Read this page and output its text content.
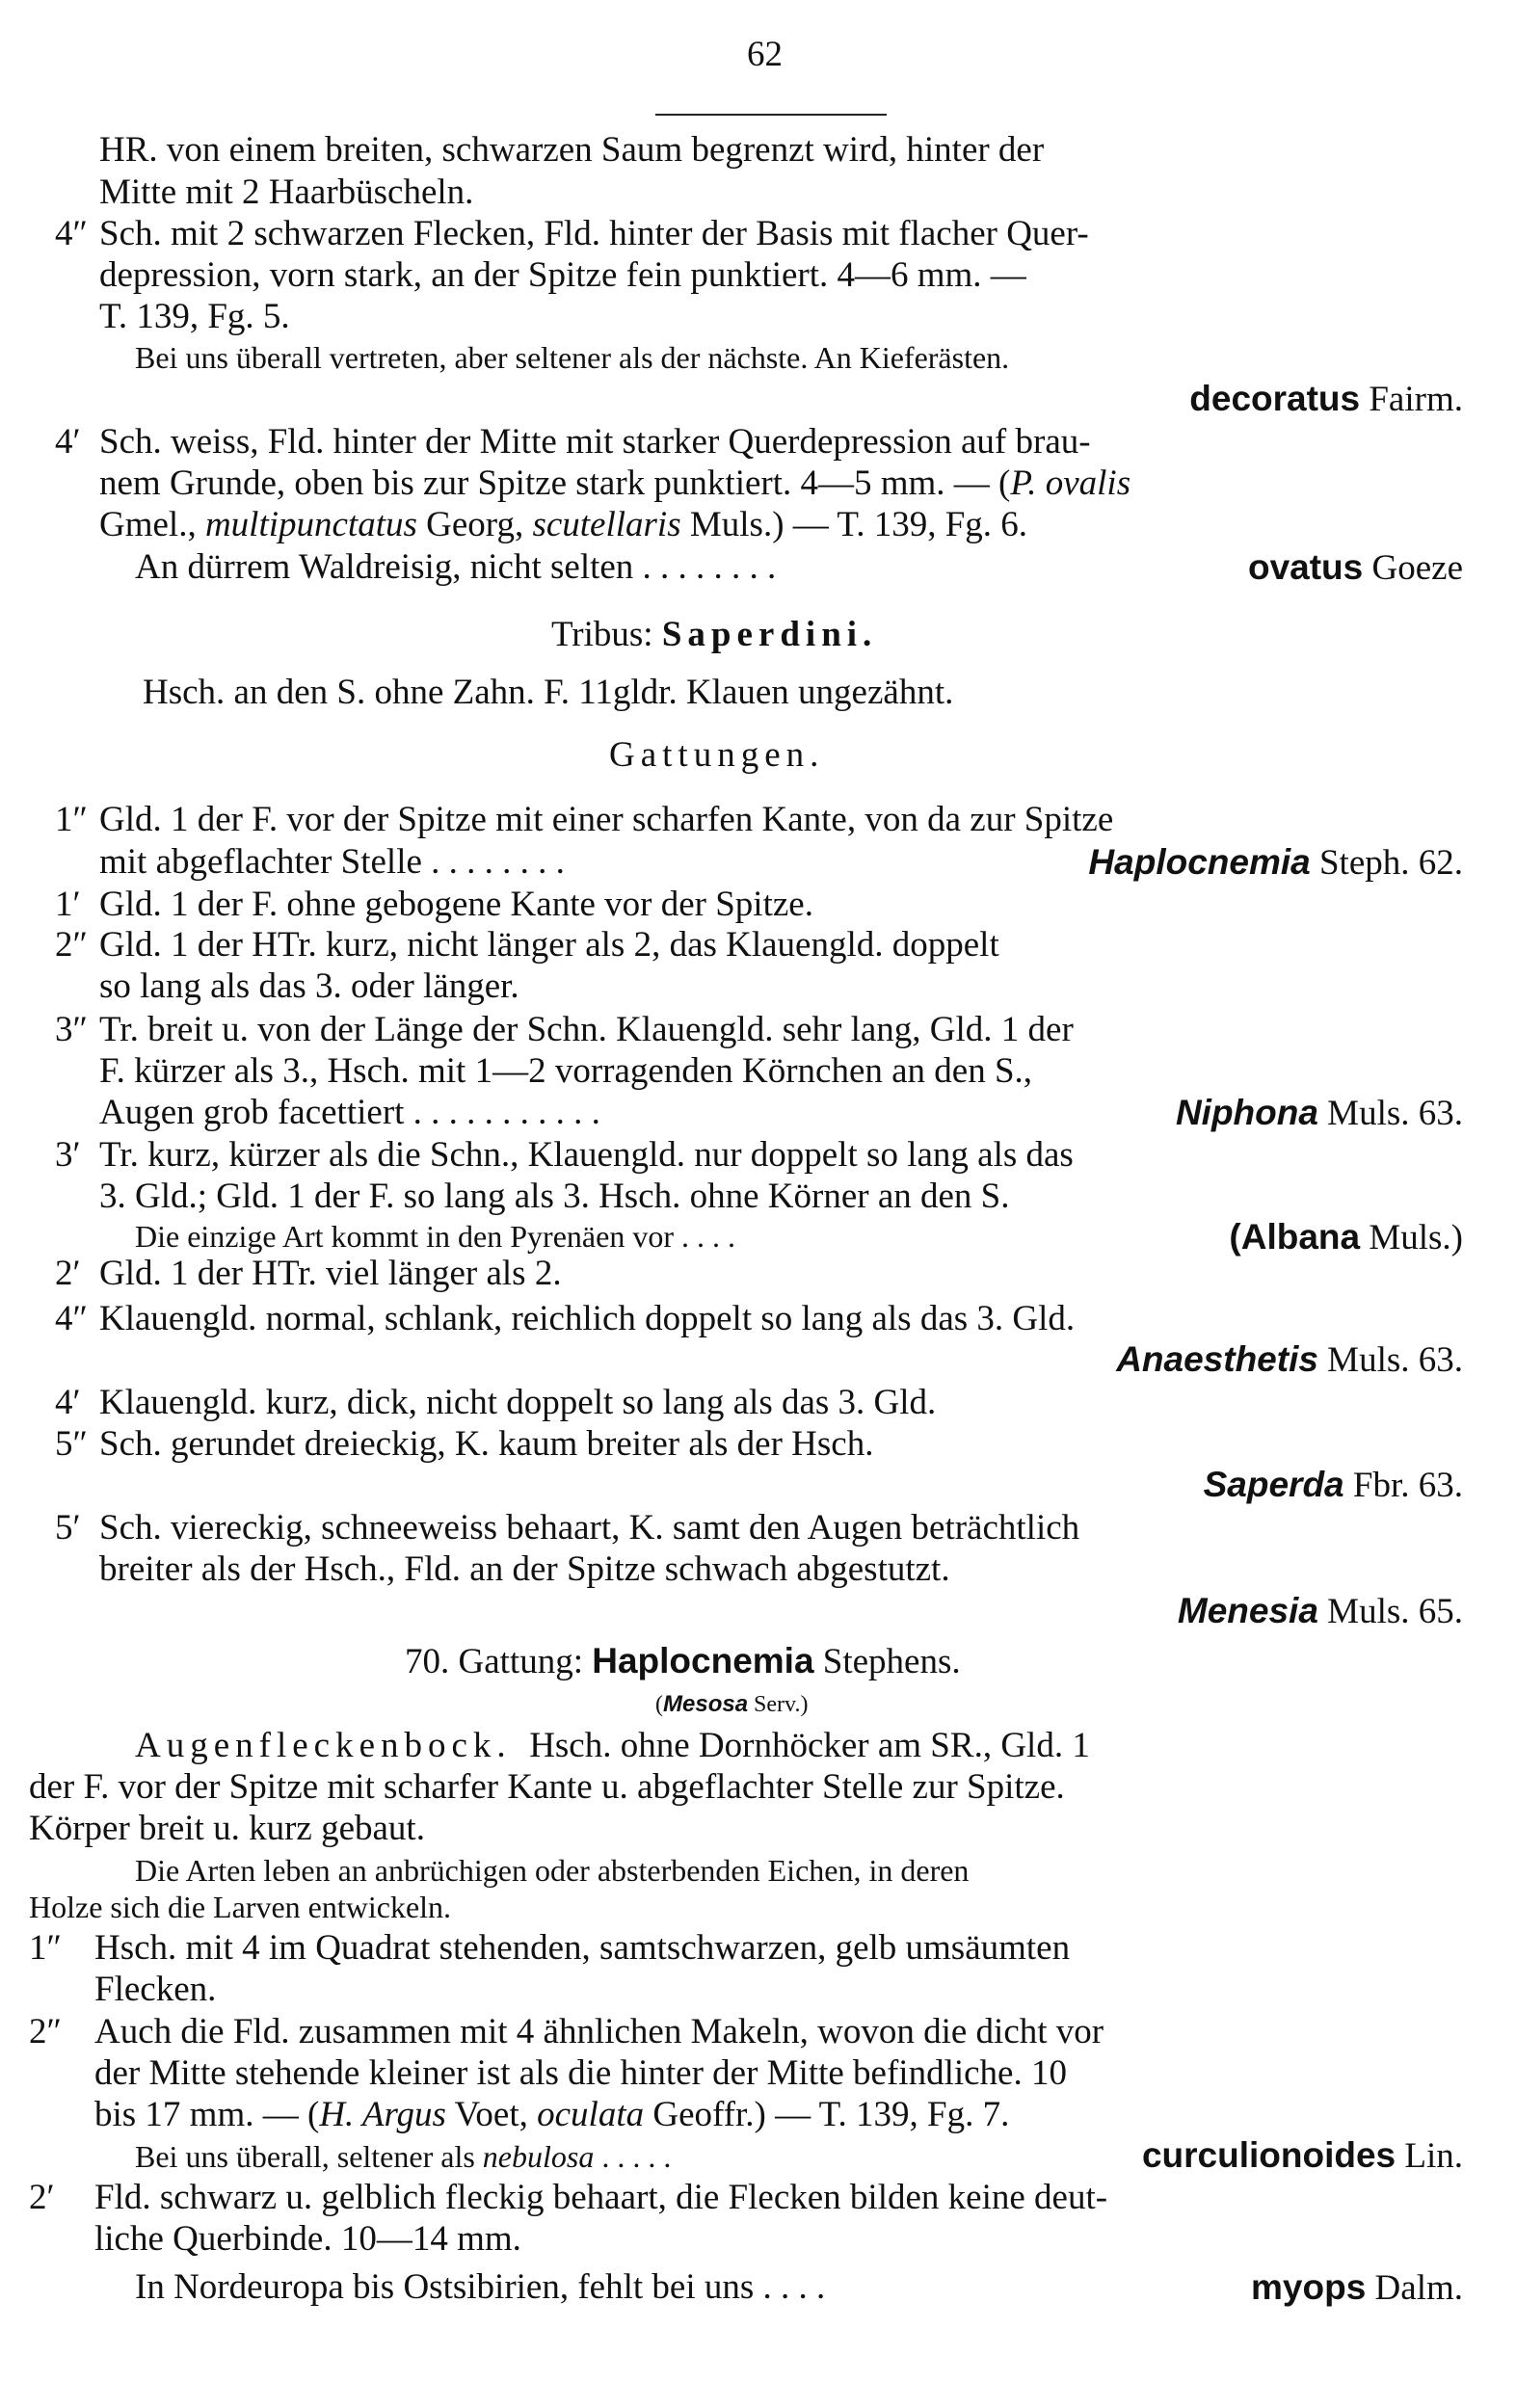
62
HR. von einem breiten, schwarzen Saum begrenzt wird, hinter der
Mitte mit 2 Haarbüscheln.
4″ Sch. mit 2 schwarzen Flecken, Fld. hinter der Basis mit flacher Quer-
depression, vorn stark, an der Spitze fein punktiert. 4—6 mm. —
T. 139, Fg. 5.
Bei uns überall vertreten, aber seltener als der nächste. An Kieferästen.
decoratus Fairm.
4′ Sch. weiss, Fld. hinter der Mitte mit starker Querdepression auf brau-
nem Grunde, oben bis zur Spitze stark punktiert. 4—5 mm. — (P. ovalis
Gmel., multipunctatus Georg, scutellaris Muls.) — T. 139, Fg. 6.
An dürrem Waldreisig, nicht selten . . . . . . . .	ovatus Goeze
Tribus: Saperdini.
Hsch. an den S. ohne Zahn. F. 11gldr. Klauen ungezähnt.
Gattungen.
1″ Gld. 1 der F. vor der Spitze mit einer scharfen Kante, von da zur Spitze
mit abgeflachter Stelle . . . . . . . .	Haplocnemia Steph. 62.
1′ Gld. 1 der F. ohne gebogene Kante vor der Spitze.
2″ Gld. 1 der HTr. kurz, nicht länger als 2, das Klauengld. doppelt
so lang als das 3. oder länger.
3″ Tr. breit u. von der Länge der Schn. Klauengld. sehr lang, Gld. 1 der
F. kürzer als 3., Hsch. mit 1—2 vorragenden Körnchen an den S.,
Augen grob facettiert . . . . . . . . . . .	Niphona Muls. 63.
3′ Tr. kurz, kürzer als die Schn., Klauengld. nur doppelt so lang als das
3. Gld.; Gld. 1 der F. so lang als 3. Hsch. ohne Körner an den S.
Die einzige Art kommt in den Pyrenäen vor . . . .	(Albana Muls.)
2′ Gld. 1 der HTr. viel länger als 2.
4″ Klauengld. normal, schlank, reichlich doppelt so lang als das 3. Gld.
Anaesthetis Muls. 63.
4′ Klauengld. kurz, dick, nicht doppelt so lang als das 3. Gld.
5″ Sch. gerundet dreieckig, K. kaum breiter als der Hsch.
Saperda Fbr. 63.
5′ Sch. viereckig, schneeweiss behaart, K. samt den Augen beträchtlich
breiter als der Hsch., Fld. an der Spitze schwach abgestutzt.
Menesia Muls. 65.
70. Gattung: Haplocnemia Stephens.
(Mesosa Serv.)
Augenfleckenbock. Hsch. ohne Dornhöcker am SR., Gld. 1
der F. vor der Spitze mit scharfer Kante u. abgeflachter Stelle zur Spitze.
Körper breit u. kurz gebaut.
Die Arten leben an anbrüchigen oder absterbenden Eichen, in deren
Holze sich die Larven entwickeln.
1″ Hsch. mit 4 im Quadrat stehenden, samtschwarzen, gelb umsäumten
Flecken.
2″ Auch die Fld. zusammen mit 4 ähnlichen Makeln, wovon die dicht vor
der Mitte stehende kleiner ist als die hinter der Mitte befindliche. 10
bis 17 mm. — (H. Argus Voet, oculata Geoffr.) — T. 139, Fg. 7.
Bei uns überall, seltener als nebulosa . . . . .	curculionoides Lin.
2′ Fld. schwarz u. gelblich fleckig behaart, die Flecken bilden keine deut-
liche Querbinde. 10—14 mm.
In Nordeuropa bis Ostsibirien, fehlt bei uns . . . .	myops Dalm.
